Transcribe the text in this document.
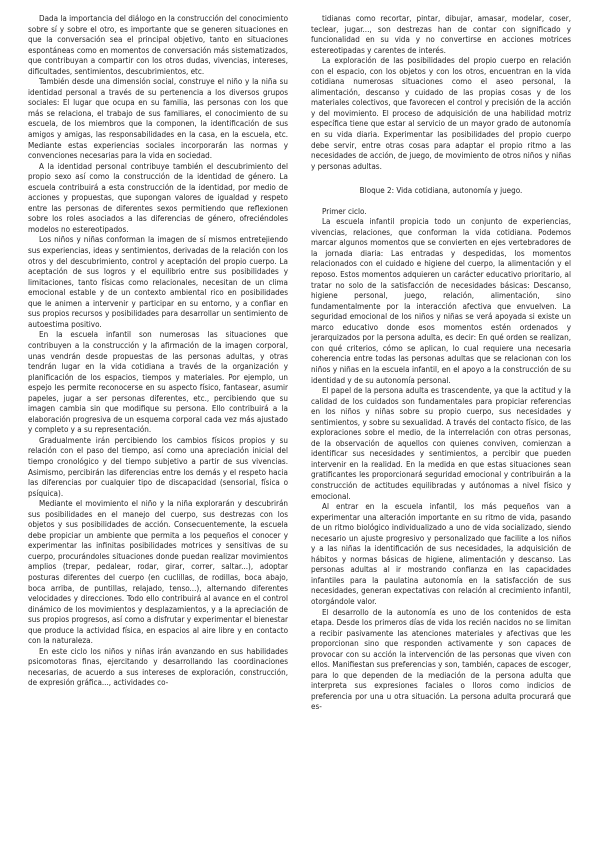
Dada la importancia del diálogo en la construcción del conocimiento sobre sí y sobre el otro, es importante que se generen situaciones en que la conversación sea el principal objetivo, tanto en situaciones espontáneas como en momentos de conversación más sistematizados, que contribuyan a compartir con los otros dudas, vivencias, intereses, dificultades, sentimientos, descubrimientos, etc.

También desde una dimensión social, construye el niño y la niña su identidad personal a través de su pertenencia a los diversos grupos sociales: El lugar que ocupa en su familia, las personas con los que más se relaciona, el trabajo de sus familiares, el conocimiento de su escuela, de los miembros que la componen, la identificación de sus amigos y amigas, las responsabilidades en la casa, en la escuela, etc. Mediante estas experiencias sociales incorporarán las normas y convenciones necesarias para la vida en sociedad.

A la identidad personal contribuye también el descubrimiento del propio sexo así como la construcción de la identidad de género. La escuela contribuirá a esta construcción de la identidad, por medio de acciones y propuestas, que supongan valores de igualdad y respeto entre las personas de diferentes sexos permitiendo que reflexionen sobre los roles asociados a las diferencias de género, ofreciéndoles modelos no estereotipados.

Los niños y niñas conforman la imagen de sí mismos entretejiendo sus experiencias, ideas y sentimientos, derivadas de la relación con los otros y del descubrimiento, control y aceptación del propio cuerpo. La aceptación de sus logros y el equilibrio entre sus posibilidades y limitaciones, tanto físicas como relacionales, necesitan de un clima emocional estable y de un contexto ambiental rico en posibilidades que le animen a intervenir y participar en su entorno, y a confiar en sus propios recursos y posibilidades para desarrollar un sentimiento de autoestima positivo.

En la escuela infantil son numerosas las situaciones que contribuyen a la construcción y la afirmación de la imagen corporal, unas vendrán desde propuestas de las personas adultas, y otras tendrán lugar en la vida cotidiana a través de la organización y planificación de los espacios, tiempos y materiales. Por ejemplo, un espejo les permite reconocerse en su aspecto físico, fantasear, asumir papeles, jugar a ser personas diferentes, etc., percibiendo que su imagen cambia sin que modifique su persona. Ello contribuirá a la elaboración progresiva de un esquema corporal cada vez más ajustado y completo y a su representación.

Gradualmente irán percibiendo los cambios físicos propios y su relación con el paso del tiempo, así como una apreciación inicial del tiempo cronológico y del tiempo subjetivo a partir de sus vivencias. Asimismo, percibirán las diferencias entre los demás y el respeto hacia las diferencias por cualquier tipo de discapacidad (sensorial, física o psíquica).

Mediante el movimiento el niño y la niña explorarán y descubrirán sus posibilidades en el manejo del cuerpo, sus destrezas con los objetos y sus posibilidades de acción. Consecuentemente, la escuela debe propiciar un ambiente que permita a los pequeños el conocer y experimentar las infinitas posibilidades motrices y sensitivas de su cuerpo, procurándoles situaciones donde puedan realizar movimientos amplios (trepar, pedalear, rodar, girar, correr, saltar...), adoptar posturas diferentes del cuerpo (en cuclillas, de rodillas, boca abajo, boca arriba, de puntillas, relajado, tenso...), alternando diferentes velocidades y direcciones. Todo ello contribuirá al avance en el control dinámico de los movimientos y desplazamientos, y a la apreciación de sus propios progresos, así como a disfrutar y experimentar el bienestar que produce la actividad física, en espacios al aire libre y en contacto con la naturaleza.

En este ciclo los niños y niñas irán avanzando en sus habilidades psicomotoras finas, ejercitando y desarrollando las coordinaciones necesarias, de acuerdo a sus intereses de exploración, construcción, de expresión gráfica..., actividades co-

tidianas como recortar, pintar, dibujar, amasar, modelar, coser, teclear, jugar..., son destrezas han de contar con significado y funcionalidad en su vida y no convertirse en acciones motrices estereotipadas y carentes de interés.

La exploración de las posibilidades del propio cuerpo en relación con el espacio, con los objetos y con los otros, encuentran en la vida cotidiana numerosas situaciones como el aseo personal, la alimentación, descanso y cuidado de las propias cosas y de los materiales colectivos, que favorecen el control y precisión de la acción y del movimiento. El proceso de adquisición de una habilidad motriz específica tiene que estar al servicio de un mayor grado de autonomía en su vida diaria. Experimentar las posibilidades del propio cuerpo debe servir, entre otras cosas para adaptar el propio ritmo a las necesidades de acción, de juego, de movimiento de otros niños y niñas y personas adultas.

Bloque 2: Vida cotidiana, autonomía y juego.

Primer ciclo.

La escuela infantil propicia todo un conjunto de experiencias, vivencias, relaciones, que conforman la vida cotidiana. Podemos marcar algunos momentos que se convierten en ejes vertebradores de la jornada diaria: Las entradas y despedidas, los momentos relacionados con el cuidado e higiene del cuerpo, la alimentación y el reposo. Estos momentos adquieren un carácter educativo prioritario, al tratar no solo de la satisfacción de necesidades básicas: Descanso, higiene personal, juego, relación, alimentación, sino fundamentalmente por la interacción afectiva que envuelven. La seguridad emocional de los niños y niñas se verá apoyada si existe un marco educativo donde esos momentos estén ordenados y jerarquizados por la persona adulta, es decir: En qué orden se realizan, con qué criterios, cómo se aplican, lo cual requiere una necesaria coherencia entre todas las personas adultas que se relacionan con los niños y niñas en la escuela infantil, en el apoyo a la construcción de su identidad y de su autonomía personal.

El papel de la persona adulta es trascendente, ya que la actitud y la calidad de los cuidados son fundamentales para propiciar referencias en los niños y niñas sobre su propio cuerpo, sus necesidades y sentimientos, y sobre su sexualidad. A través del contacto físico, de las exploraciones sobre el medio, de la interrelación con otras personas, de la observación de aquellos con quienes conviven, comienzan a identificar sus necesidades y sentimientos, a percibir que pueden intervenir en la realidad. En la medida en que estas situaciones sean gratificantes les proporcionará seguridad emocional y contribuirán a la construcción de actitudes equilibradas y autónomas a nivel físico y emocional.

Al entrar en la escuela infantil, los más pequeños van a experimentar una alteración importante en su ritmo de vida, pasando de un ritmo biológico individualizado a uno de vida socializado, siendo necesario un ajuste progresivo y personalizado que facilite a los niños y a las niñas la identificación de sus necesidades, la adquisición de hábitos y normas básicas de higiene, alimentación y descanso. Las personas adultas al ir mostrando confianza en las capacidades infantiles para la paulatina autonomía en la satisfacción de sus necesidades, generan expectativas con relación al crecimiento infantil, otorgándole valor.

El desarrollo de la autonomía es uno de los contenidos de esta etapa. Desde los primeros días de vida los recién nacidos no se limitan a recibir pasivamente las atenciones materiales y afectivas que les proporcionan sino que responden activamente y son capaces de provocar con su acción la intervención de las personas que viven con ellos. Manifiestan sus preferencias y son, también, capaces de escoger, para lo que dependen de la mediación de la persona adulta que interpreta sus expresiones faciales o lloros como indicios de preferencia por una u otra situación. La persona adulta procurará que es-
